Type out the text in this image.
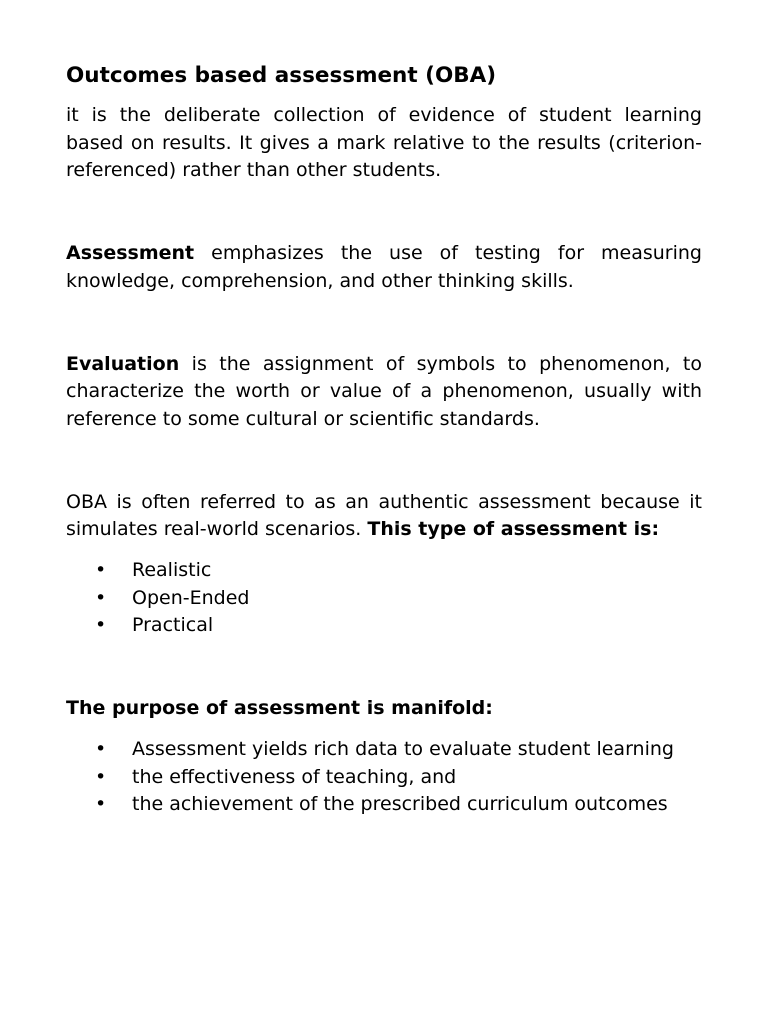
Outcomes based assessment (OBA)

it is the deliberate collection of evidence of student learning based on results. It gives a mark relative to the results (criterion-referenced) rather than other students.

Assessment emphasizes the use of testing for measuring knowledge, comprehension, and other thinking skills.

Evaluation is the assignment of symbols to phenomenon, to characterize the worth or value of a phenomenon, usually with reference to some cultural or scientific standards.

OBA is often referred to as an authentic assessment because it simulates real-world scenarios. This type of assessment is:

• Realistic
• Open-Ended
• Practical

The purpose of assessment is manifold:

• Assessment yields rich data to evaluate student learning
• the effectiveness of teaching, and
• the achievement of the prescribed curriculum outcomes
